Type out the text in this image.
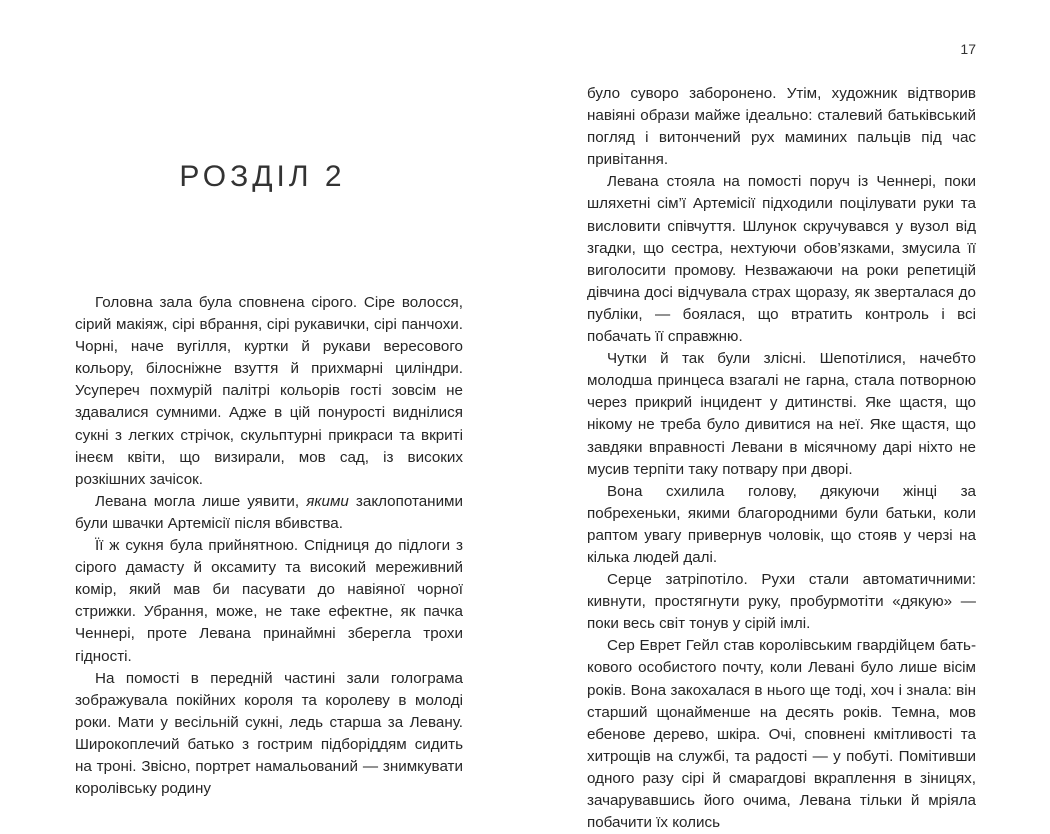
РОЗДІЛ 2

Головна зала була сповнена сірого. Сіре волосся, сірий макіяж, сірі вбрання, сірі рукавички, сірі панчохи. Чорні, наче вугілля, куртки й рукави вересового кольору, білосніжне взуття й прихмарні циліндри. Усупереч похмурій палітрі кольорів гості зовсім не здавалися сумними. Адже в цій понурості виднілися сукні з легких стрічок, скульптурні прикраси та вкриті інеєм квіти, що визирали, мов сад, із високих розкішних зачісок.

Левана могла лише уявити, якими заклопотаними були швачки Артемісії після вбивства.

Її ж сукня була прийнятною. Спідниця до підлоги з сірого дамасту й оксамиту та високий мереживний комір, який мав би пасувати до навіяної чорної стрижки. Убрання, може, не таке ефектне, як пачка Ченнері, проте Левана принаймні зберегла трохи гідності.

На помості в передній частині зали голограма зображувала покійних короля та королеву в молоді роки. Мати у весільній сукні, ледь старша за Левану. Широкоплечий батько з гострим підборіддям сидить на троні. Звісно, портрет намальований — знимкувати королівську родину

17

було суворо заборонено. Утім, художник відтворив навіяні образи майже ідеально: сталевий батьківський погляд і витончений рух маминих пальців під час привітання.

Левана стояла на помості поруч із Ченнері, поки шляхетні сім’ї Артемісії підходили поцілувати руки та висловити співчуття. Шлунок скручувався у вузол від згадки, що сестра, нехтуючи обов’язками, змусила її виголосити промову. Незважаючи на роки репетицій дівчина досі відчувала страх щоразу, як зверталася до публіки, — боялася, що втратить контроль і всі побачать її справжню.

Чутки й так були злісні. Шепотілися, начебто молодша принцеса взагалі не гарна, стала потворною через прикрий інцидент у дитинстві. Яке щастя, що нікому не треба було дивитися на неї. Яке щастя, що завдяки вправності Левани в місячному дарі ніхто не мусив терпіти таку потвару при дворі.

Вона схилила голову, дякуючи жінці за побрехеньки, якими благородними були батьки, коли раптом увагу привернув чоловік, що стояв у черзі на кілька людей далі.

Серце затріпотіло. Рухи стали автоматичними: кивнути, простягнути руку, пробурмотіти «дякую» — поки весь світ тонув у сірій імлі.

Сер Еврет Гейл став королівським гвардійцем батькового особистого почту, коли Левані було лише вісім років. Вона закохалася в нього ще тоді, хоч і знала: він старший щонайменше на десять років. Темна, мов ебенове дерево, шкіра. Очі, сповнені кмітливості та хитрощів на службі, та радості — у побуті. Помітивши одного разу сірі й смарагдові вкраплення в зіницях, зачарувавшись його очима, Левана тільки й мріяла побачити їх колись
